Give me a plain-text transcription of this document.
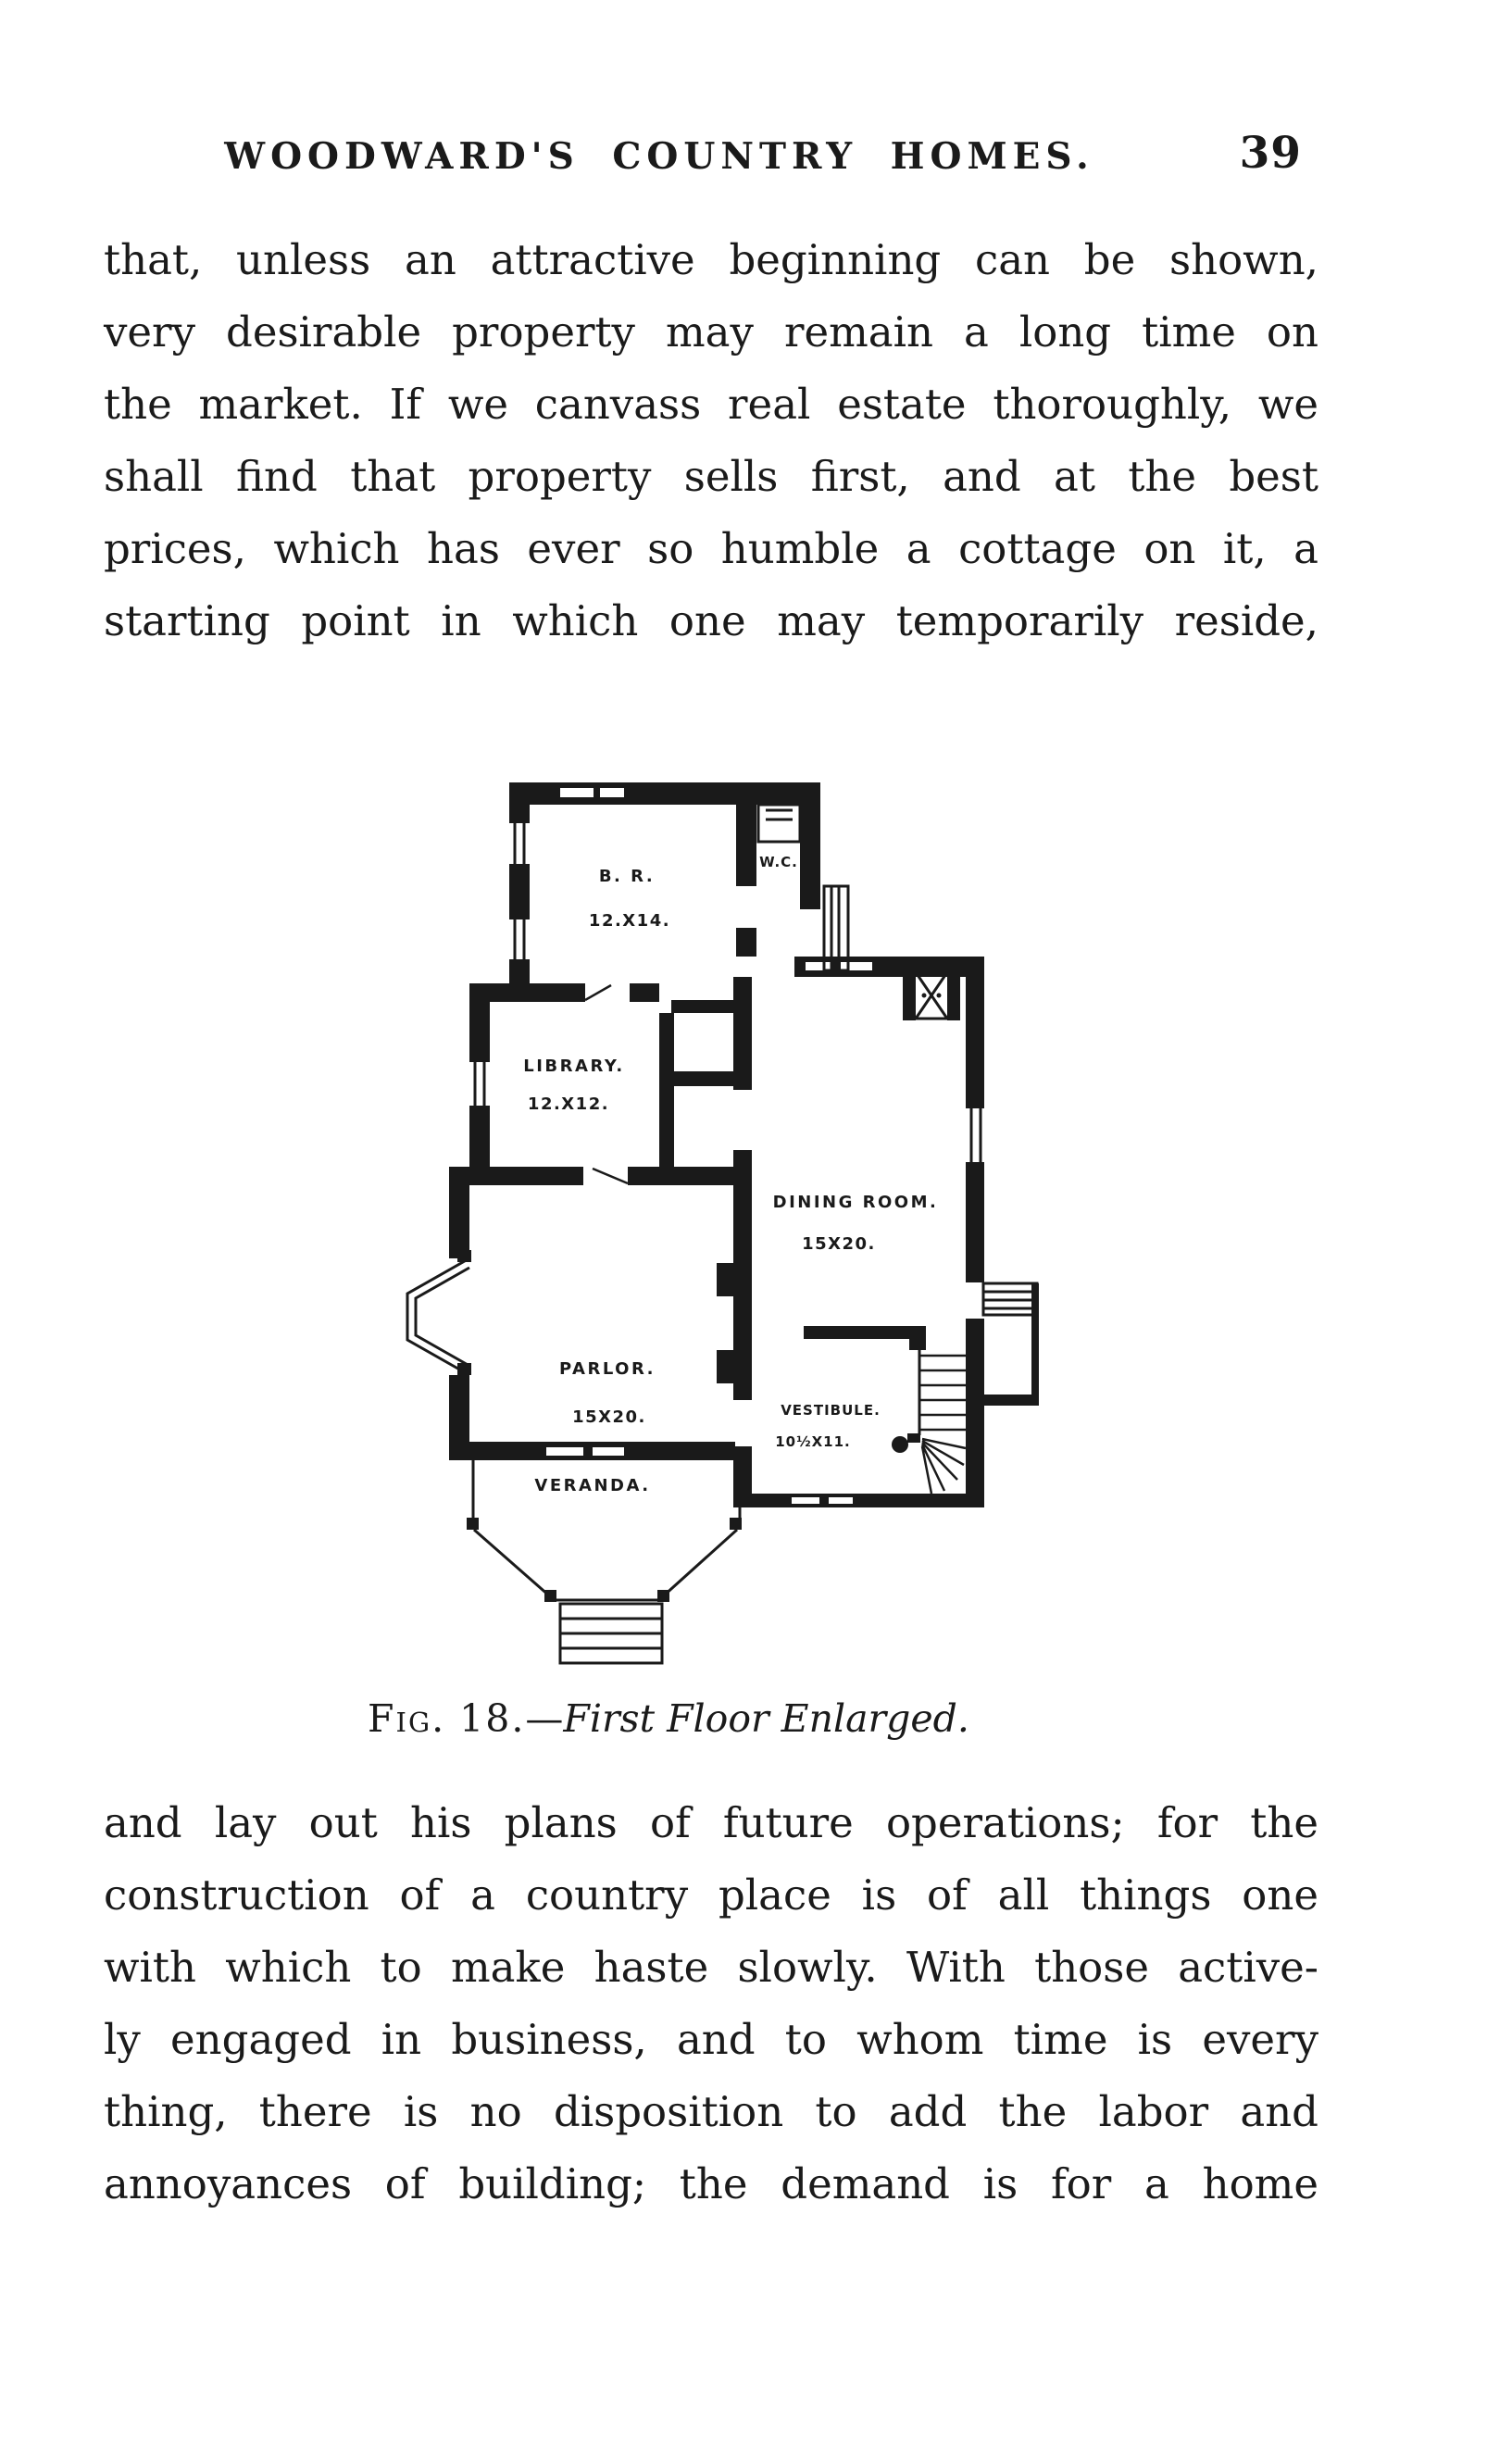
WOODWARD'S COUNTRY HOMES.	39
that, unless an attractive beginning can be shown,
very desirable property may remain a long time on
the market. If we canvass real estate thoroughly, we
shall find that property sells first, and at the best
prices, which has ever so humble a cottage on it, a
starting point in which one may temporarily reside,
B. R.
12.X14.
W.C.
LIBRARY.
12.X12.
DINING ROOM.
15X20.
PARLOR.
15X20.	VESTIBULE.
10½X11.
VERANDA.
Fig. 18.—First Floor Enlarged.
and lay out his plans of future operations; for the
construction of a country place is of all things one
with which to make haste slowly. With those active-
ly engaged in business, and to whom time is every
thing, there is no disposition to add the labor and
annoyances of building; the demand is for a home
